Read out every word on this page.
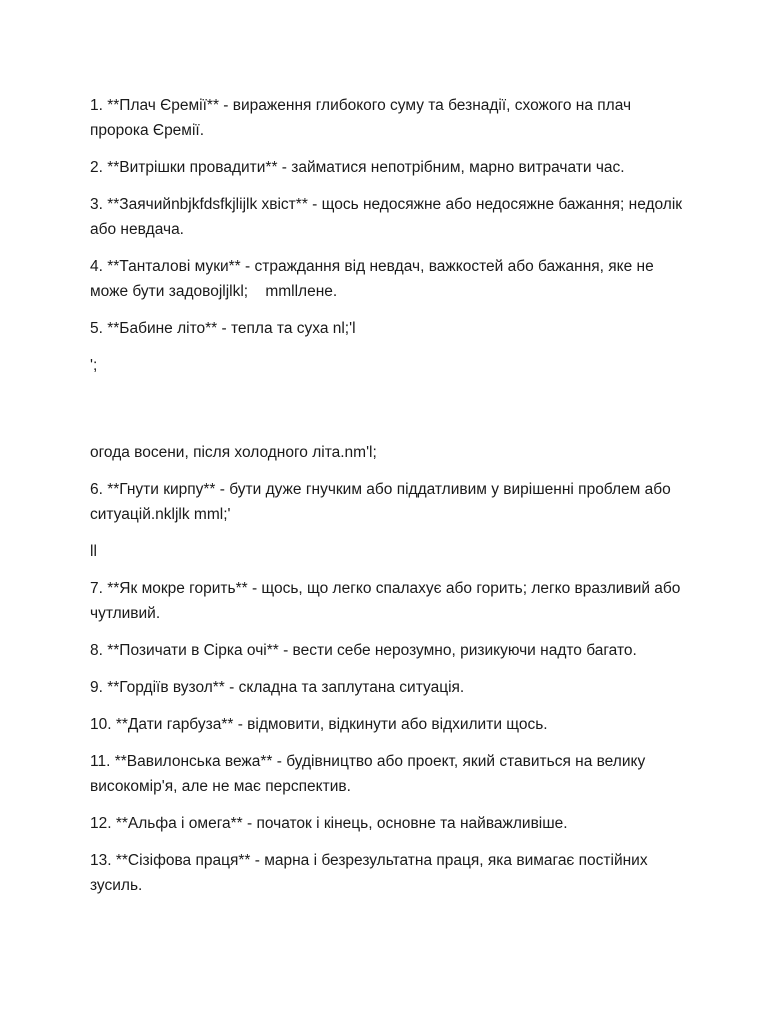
1. **Плач Єремії** - вираження глибокого суму та безнадії, схожого на плач пророка Єремії.

2. **Витрішки провадити** - займатися непотрібним, марно витрачати час.

3. **Заячийnbjkfdsfkjlijlk хвіст** - щось недосяжне або недосяжне бажання; недолік або невдача.

4. **Танталові муки** - страждання від невдач, важкостей або бажання, яке не може бути задовоjljlkl;    mmllлене.

5. **Бабине літо** - тепла та суха nl;'l

';

огода восени, після холодного літа.nm'l;

6. **Гнути кирпу** - бути дуже гнучким або піддатливим у вирішенні проблем або ситуацій.nkljlk mml;'

ll

7. **Як мокре горить** - щось, що легко спалахує або горить; легко вразливий або чутливий.

8. **Позичати в Сірка очі** - вести себе нерозумно, ризикуючи надто багато.

9. **Гордіїв вузол** - складна та заплутана ситуація.

10. **Дати гарбуза** - відмовити, відкинути або відхилити щось.

11. **Вавилонська вежа** - будівництво або проект, який ставиться на велику високомір'я, але не має перспектив.

12. **Альфа і омега** - початок і кінець, основне та найважливіше.

13. **Сізіфова праця** - марна і безрезультатна праця, яка вимагає постійних зусиль.
